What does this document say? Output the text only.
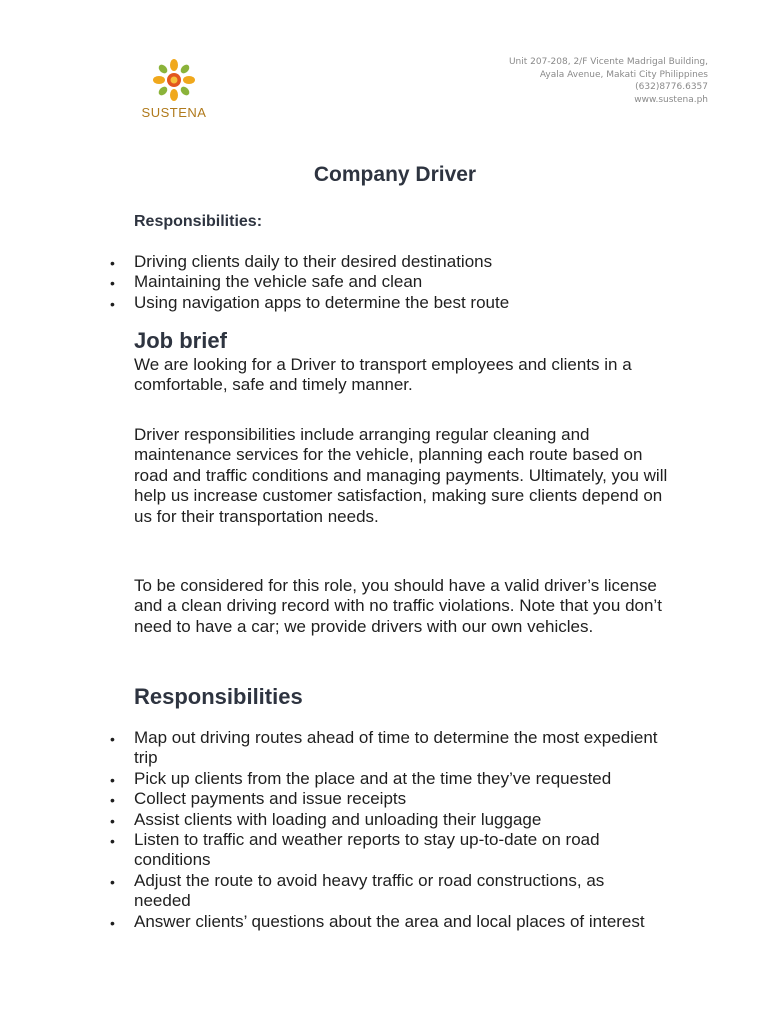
SUSTENA
Unit 207-208, 2/F Vicente Madrigal Building,
Ayala Avenue, Makati City Philippines
(632)8776.6357
www.sustena.ph
Company Driver
Responsibilities:
• Driving clients daily to their desired destinations
• Maintaining the vehicle safe and clean
• Using navigation apps to determine the best route
Job brief
We are looking for a Driver to transport employees and clients in a comfortable, safe and timely manner.
Driver responsibilities include arranging regular cleaning and maintenance services for the vehicle, planning each route based on road and traffic conditions and managing payments. Ultimately, you will help us increase customer satisfaction, making sure clients depend on us for their transportation needs.
To be considered for this role, you should have a valid driver’s license and a clean driving record with no traffic violations. Note that you don’t need to have a car; we provide drivers with our own vehicles.
Responsibilities
• Map out driving routes ahead of time to determine the most expedient trip
• Pick up clients from the place and at the time they’ve requested
• Collect payments and issue receipts
• Assist clients with loading and unloading their luggage
• Listen to traffic and weather reports to stay up-to-date on road conditions
• Adjust the route to avoid heavy traffic or road constructions, as needed
• Answer clients’ questions about the area and local places of interest
